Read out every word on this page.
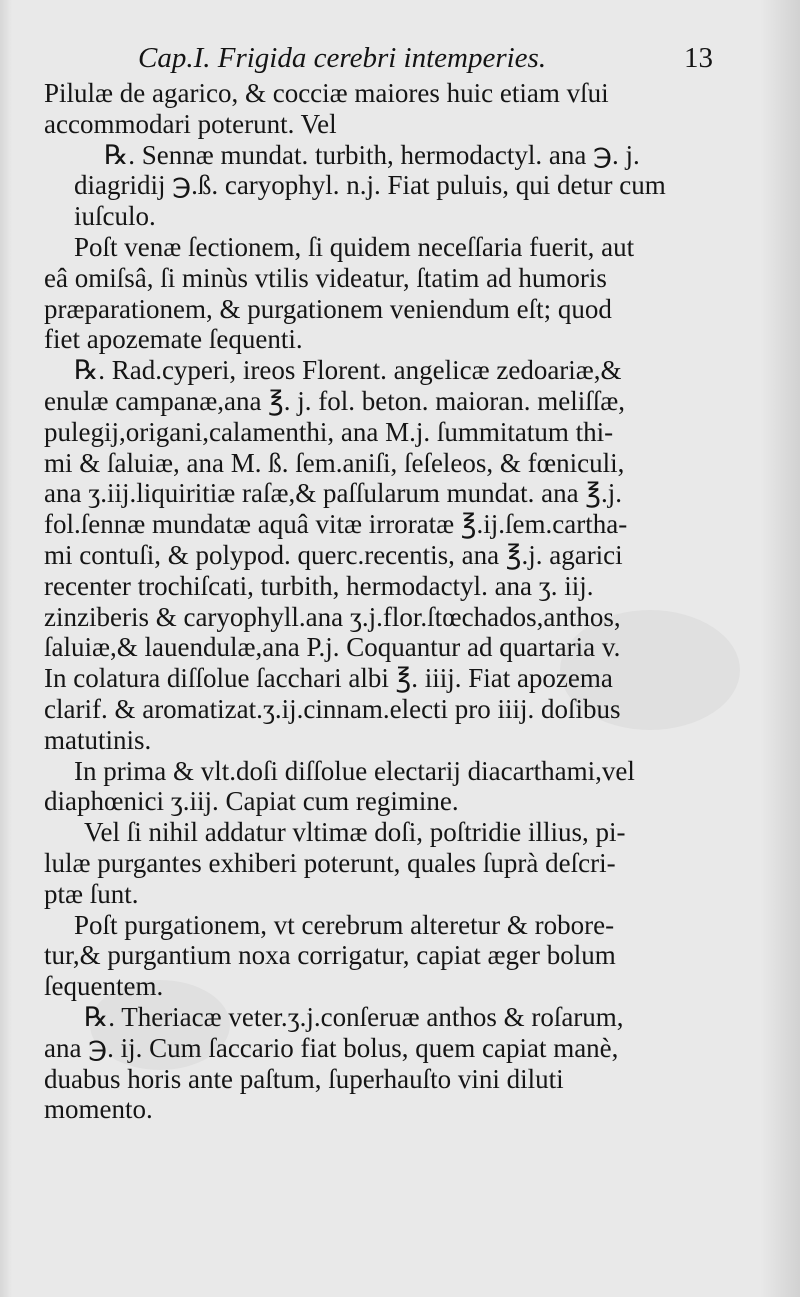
Cap.I. Frigida cerebri intemperies.	13

Pilulæ de agarico, & cocciæ maiores huic etiam vſui
accommodari poterunt. Vel

℞. Sennæ mundat. turbith, hermodactyl. ana ℈. j.
diagridij ℈.ß. caryophyl. n.j. Fiat puluis, qui detur cum
iuſculo.

Poſt venæ ſectionem, ſi quidem neceſſaria fuerit, aut
eâ omiſsâ, ſi minùs vtilis videatur, ſtatim ad humoris
præparationem, & purgationem veniendum eſt; quod
fiet apozemate ſequenti.

℞. Rad.cyperi, ireos Florent. angelicæ zedoariæ,&
enulæ campanæ,ana ℥. j. fol. beton. maioran. meliſſæ,
pulegij,origani,calamenthi, ana M.j. ſummitatum thi-
mi & ſaluiæ, ana M. ß. ſem.aniſi, ſeſeleos, & fœniculi,
ana ʒ.iij.liquiritiæ raſæ,& paſſularum mundat. ana ℥.j.
fol.ſennæ mundatæ aquâ vitæ irroratæ ℥.ij.ſem.cartha-
mi contuſi, & polypod. querc.recentis, ana ℥.j. agarici
recenter trochiſcati, turbith, hermodactyl. ana ʒ. iij.
zinziberis & caryophyll.ana ʒ.j.flor.ſtœchados,anthos,
ſaluiæ,& lauendulæ,ana P.j. Coquantur ad quartaria v.
In colatura diſſolue ſacchari albi ℥. iiij. Fiat apozema
clarif. & aromatizat.ʒ.ij.cinnam.electi pro iiij. doſibus
matutinis.

In prima & vlt.doſi diſſolue electarij diacarthami,vel
diaphœnici ʒ.iij. Capiat cum regimine.

Vel ſi nihil addatur vltimæ doſi, poſtridie illius, pi-
lulæ purgantes exhiberi poterunt, quales ſuprà deſcri-
ptæ ſunt.

Poſt purgationem, vt cerebrum alteretur & robore-
tur,& purgantium noxa corrigatur, capiat æger bolum
ſequentem.

℞. Theriacæ veter.ʒ.j.conſeruæ anthos & roſarum,
ana ℈. ij. Cum ſaccario fiat bolus, quem capiat manè,
duabus horis ante paſtum, ſuperhauſto vini diluti
momento.
